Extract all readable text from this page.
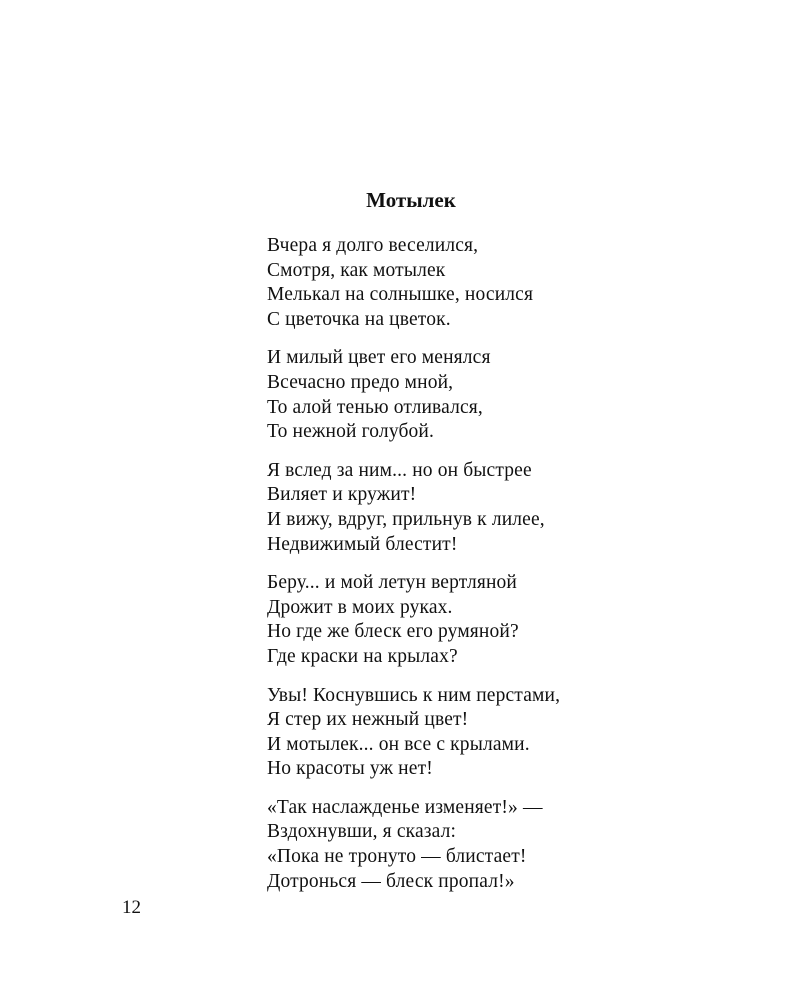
Мотылек
Вчера я долго веселился,
Смотря, как мотылек
Мелькал на солнышке, носился
С цветочка на цветок.
И милый цвет его менялся
Всечасно предо мной,
То алой тенью отливался,
То нежной голубой.
Я вслед за ним... но он быстрее
Виляет и кружит!
И вижу, вдруг, прильнув к лилее,
Недвижимый блестит!
Беру... и мой летун вертляной
Дрожит в моих руках.
Но где же блеск его румяной?
Где краски на крылах?
Увы! Коснувшись к ним перстами,
Я стер их нежный цвет!
И мотылек... он все с крылами.
Но красоты уж нет!
«Так наслажденье изменяет!» —
Вздохнувши, я сказал:
«Пока не тронуто — блистает!
Дотронься — блеск пропал!»
12
